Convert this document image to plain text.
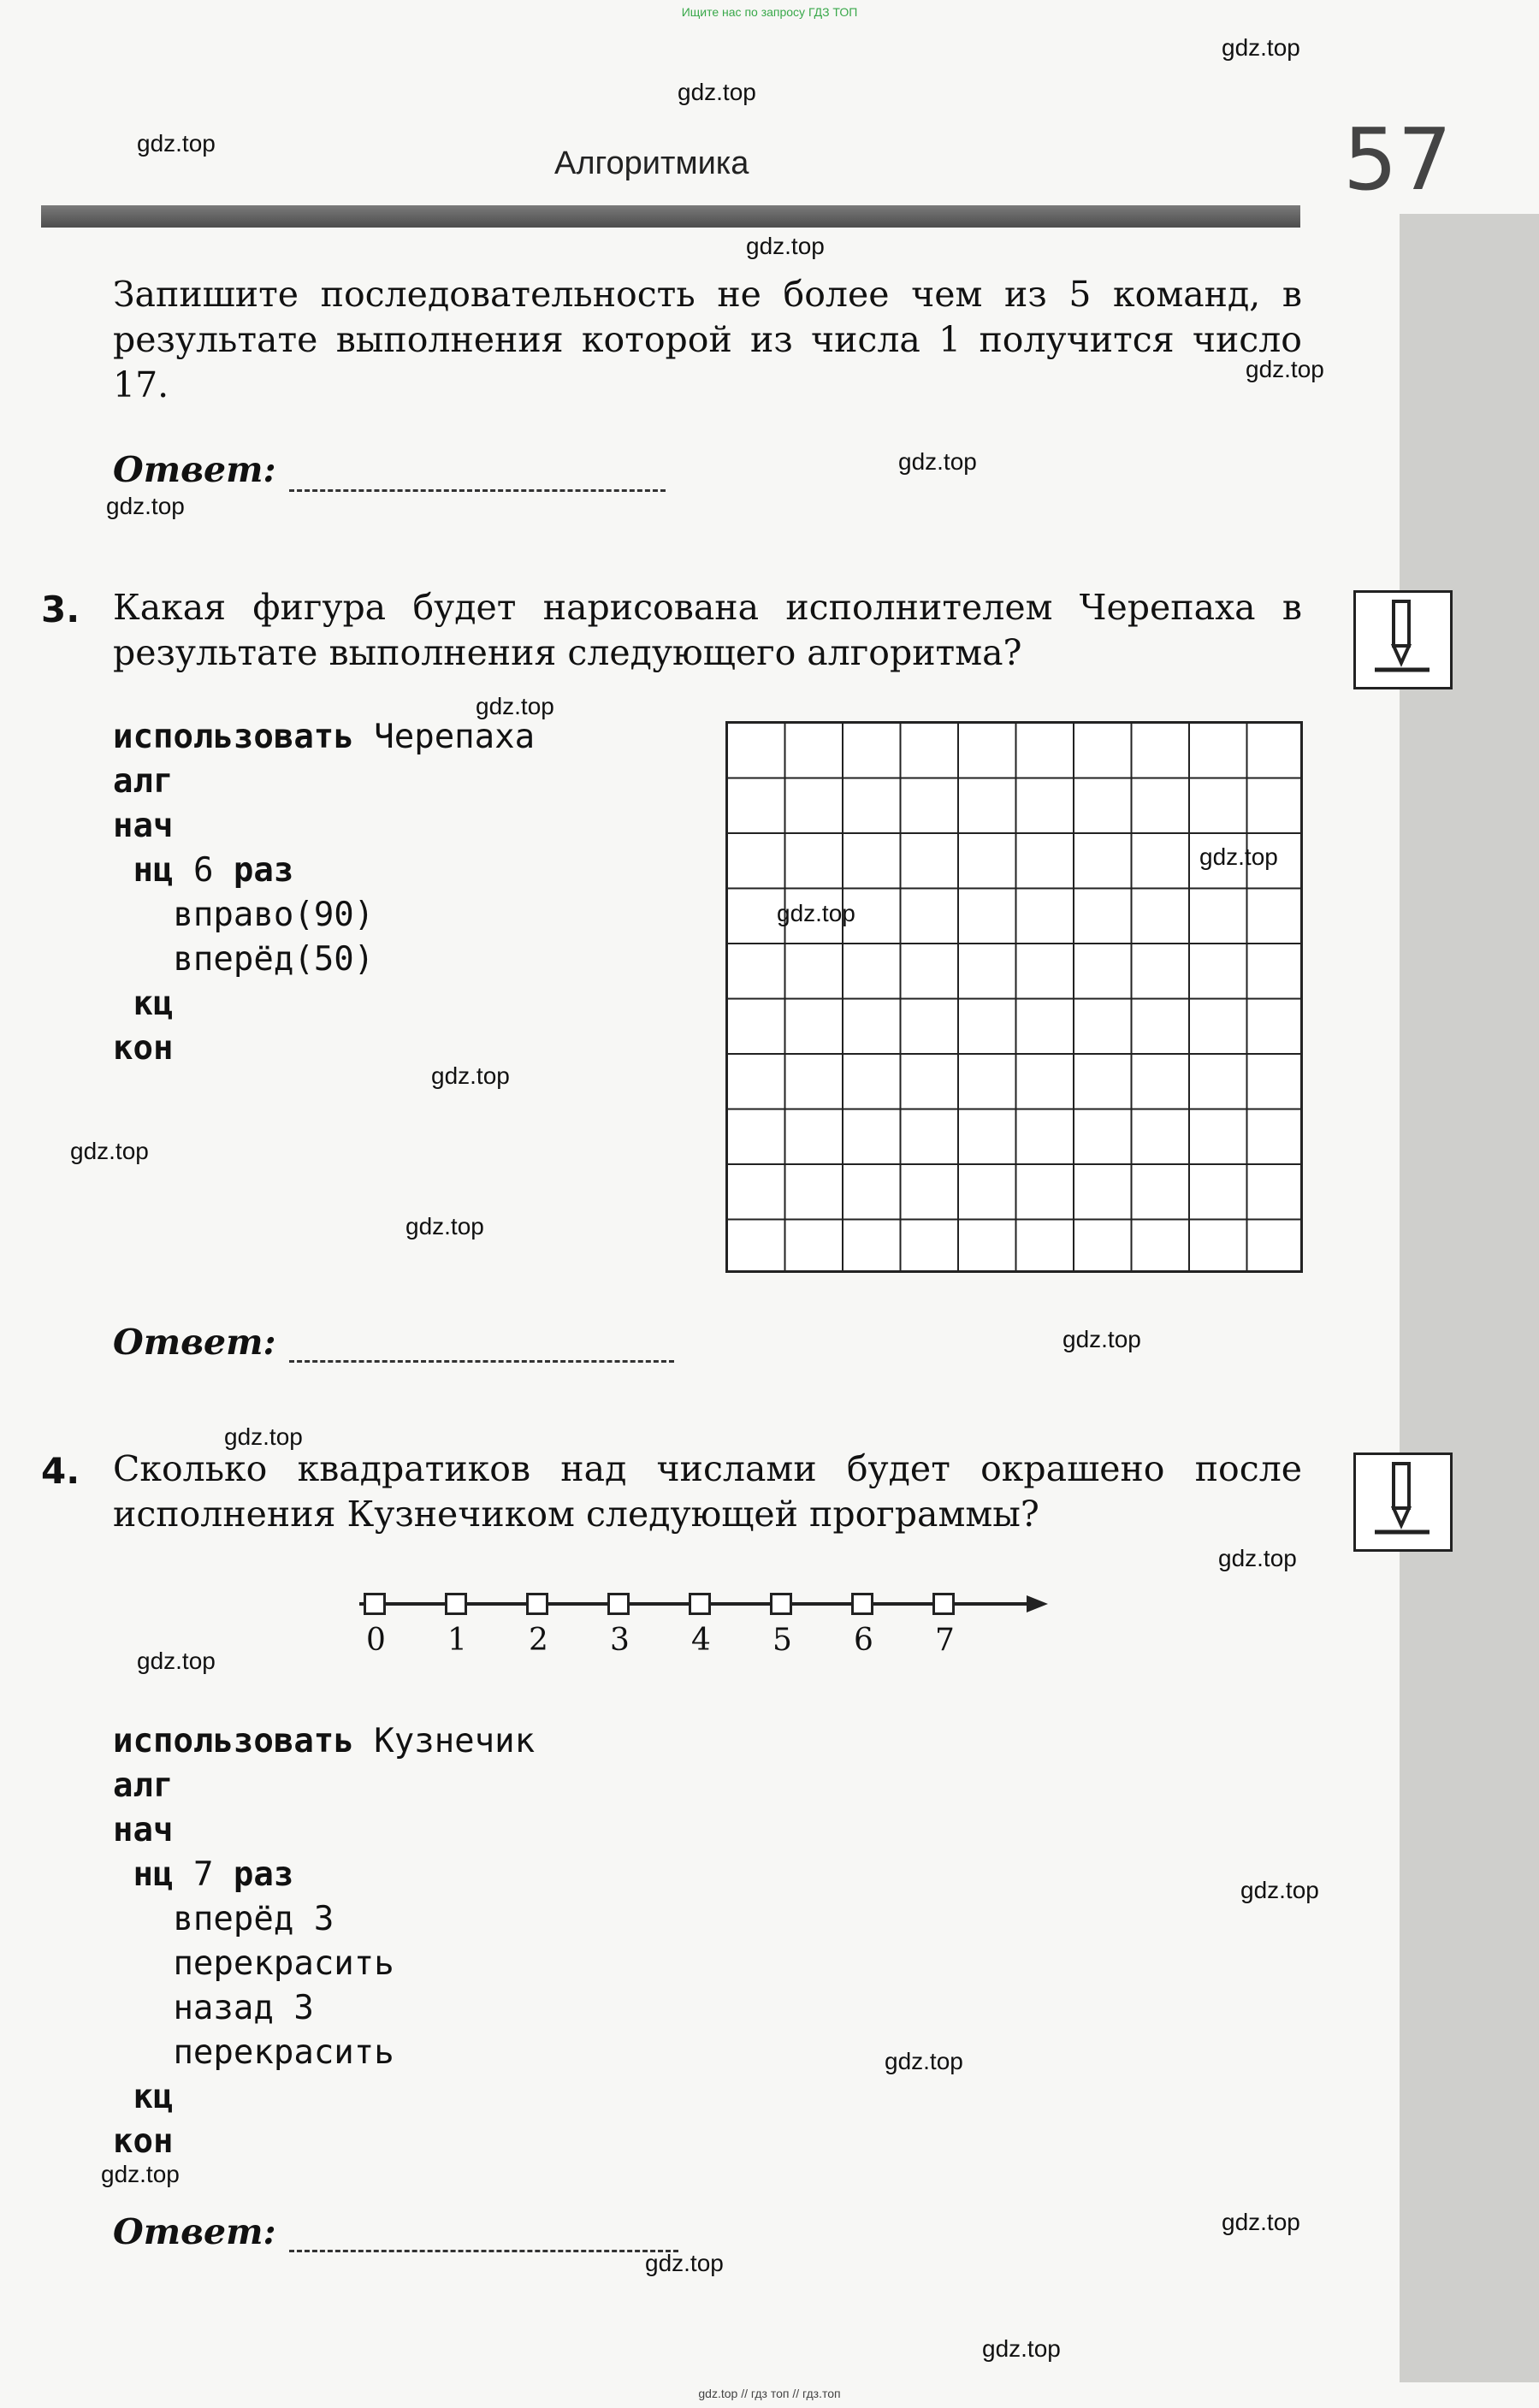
Ищите нас по запросу ГДЗ ТОП
57
Алгоритмика
Запишите последовательность не более чем из 5 команд, в результате выполнения которой из числа 1 получится число 17.
Ответ:
3. Какая фигура будет нарисована исполнителем Черепаха в результате выполнения следующего алгоритма?
использовать Черепаха
алг
нач
нц 6 раз
вправо(90)
вперёд(50)
кц
кон
Ответ:
4. Сколько квадратиков над числами будет окрашено после исполнения Кузнечиком следующей программы?
0 1 2 3 4 5 6 7
использовать Кузнечик
алг
нач
нц 7 раз
вперёд 3
перекрасить
назад 3
перекрасить
кц
кон
Ответ:
gdz.top
gdz.top
gdz.top
gdz.top
gdz.top
gdz.top
gdz.top
gdz.top
gdz.top
gdz.top
gdz.top
gdz.top
gdz.top
gdz.top
gdz.top
gdz.top
gdz.top
gdz.top
gdz.top
gdz.top
gdz.top
gdz.top
gdz.top
gdz.top // гдз топ // гдз.топ
